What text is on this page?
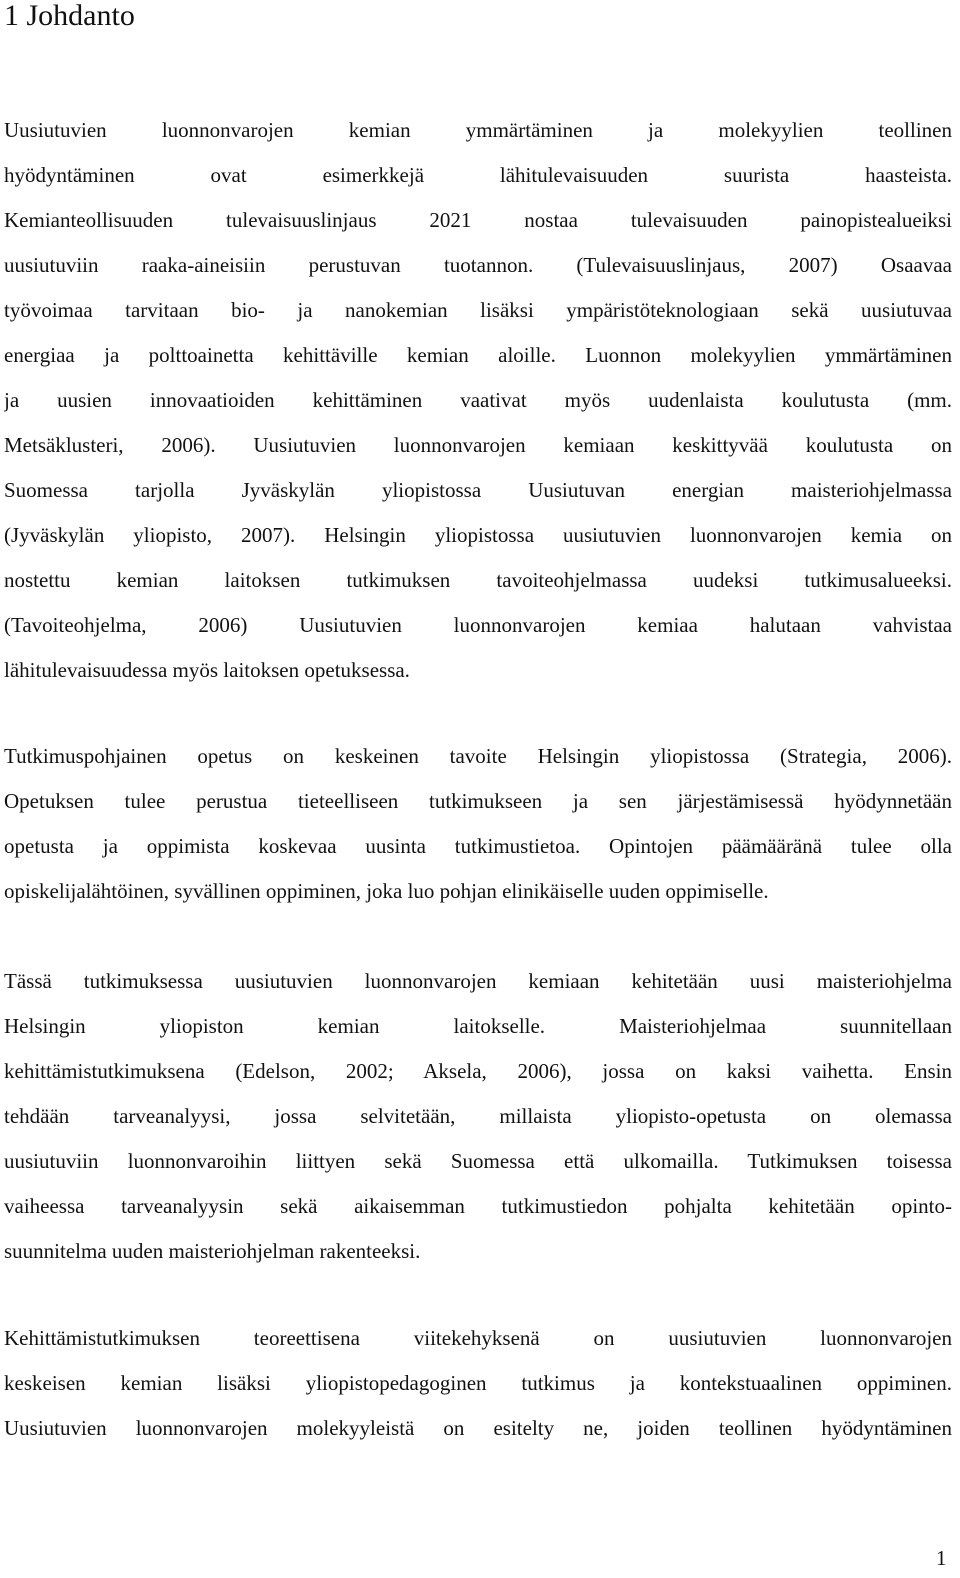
1 Johdanto
Uusiutuvien luonnonvarojen kemian ymmärtäminen ja molekyylien teollinen
hyödyntäminen ovat esimerkkejä lähitulevaisuuden suurista haasteista.
Kemianteollisuuden tulevaisuuslinjaus 2021 nostaa tulevaisuuden painopistealueiksi
uusiutuviin raaka-aineisiin perustuvan tuotannon. (Tulevaisuuslinjaus, 2007) Osaavaa
työvoimaa tarvitaan bio- ja nanokemian lisäksi ympäristöteknologiaan sekä uusiutuvaa
energiaa ja polttoainetta kehittäville kemian aloille. Luonnon molekyylien ymmärtäminen
ja uusien innovaatioiden kehittäminen vaativat myös uudenlaista koulutusta (mm.
Metsäklusteri, 2006). Uusiutuvien luonnonvarojen kemiaan keskittyvää koulutusta on
Suomessa tarjolla Jyväskylän yliopistossa Uusiutuvan energian maisteriohjelmassa
(Jyväskylän yliopisto, 2007). Helsingin yliopistossa uusiutuvien luonnonvarojen kemia on
nostettu kemian laitoksen tutkimuksen tavoiteohjelmassa uudeksi tutkimusalueeksi.
(Tavoiteohjelma, 2006) Uusiutuvien luonnonvarojen kemiaa halutaan vahvistaa
lähitulevaisuudessa myös laitoksen opetuksessa.
Tutkimuspohjainen opetus on keskeinen tavoite Helsingin yliopistossa (Strategia, 2006).
Opetuksen tulee perustua tieteelliseen tutkimukseen ja sen järjestämisessä hyödynnetään
opetusta ja oppimista koskevaa uusinta tutkimustietoa. Opintojen päämääränä tulee olla
opiskelijalähtöinen, syvällinen oppiminen, joka luo pohjan elinikäiselle uuden oppimiselle.
Tässä tutkimuksessa uusiutuvien luonnonvarojen kemiaan kehitetään uusi maisteriohjelma
Helsingin yliopiston kemian laitokselle. Maisteriohjelmaa suunnitellaan
kehittämistutkimuksena (Edelson, 2002; Aksela, 2006), jossa on kaksi vaihetta. Ensin
tehdään tarveanalyysi, jossa selvitetään, millaista yliopisto-opetusta on olemassa
uusiutuviin luonnonvaroihin liittyen sekä Suomessa että ulkomailla. Tutkimuksen toisessa
vaiheessa tarveanalyysin sekä aikaisemman tutkimustiedon pohjalta kehitetään opinto-
suunnitelma uuden maisteriohjelman rakenteeksi.
Kehittämistutkimuksen teoreettisena viitekehyksenä on uusiutuvien luonnonvarojen
keskeisen kemian lisäksi yliopistopedagoginen tutkimus ja kontekstuaalinen oppiminen.
Uusiutuvien luonnonvarojen molekyyleistä on esitelty ne, joiden teollinen hyödyntäminen
1
